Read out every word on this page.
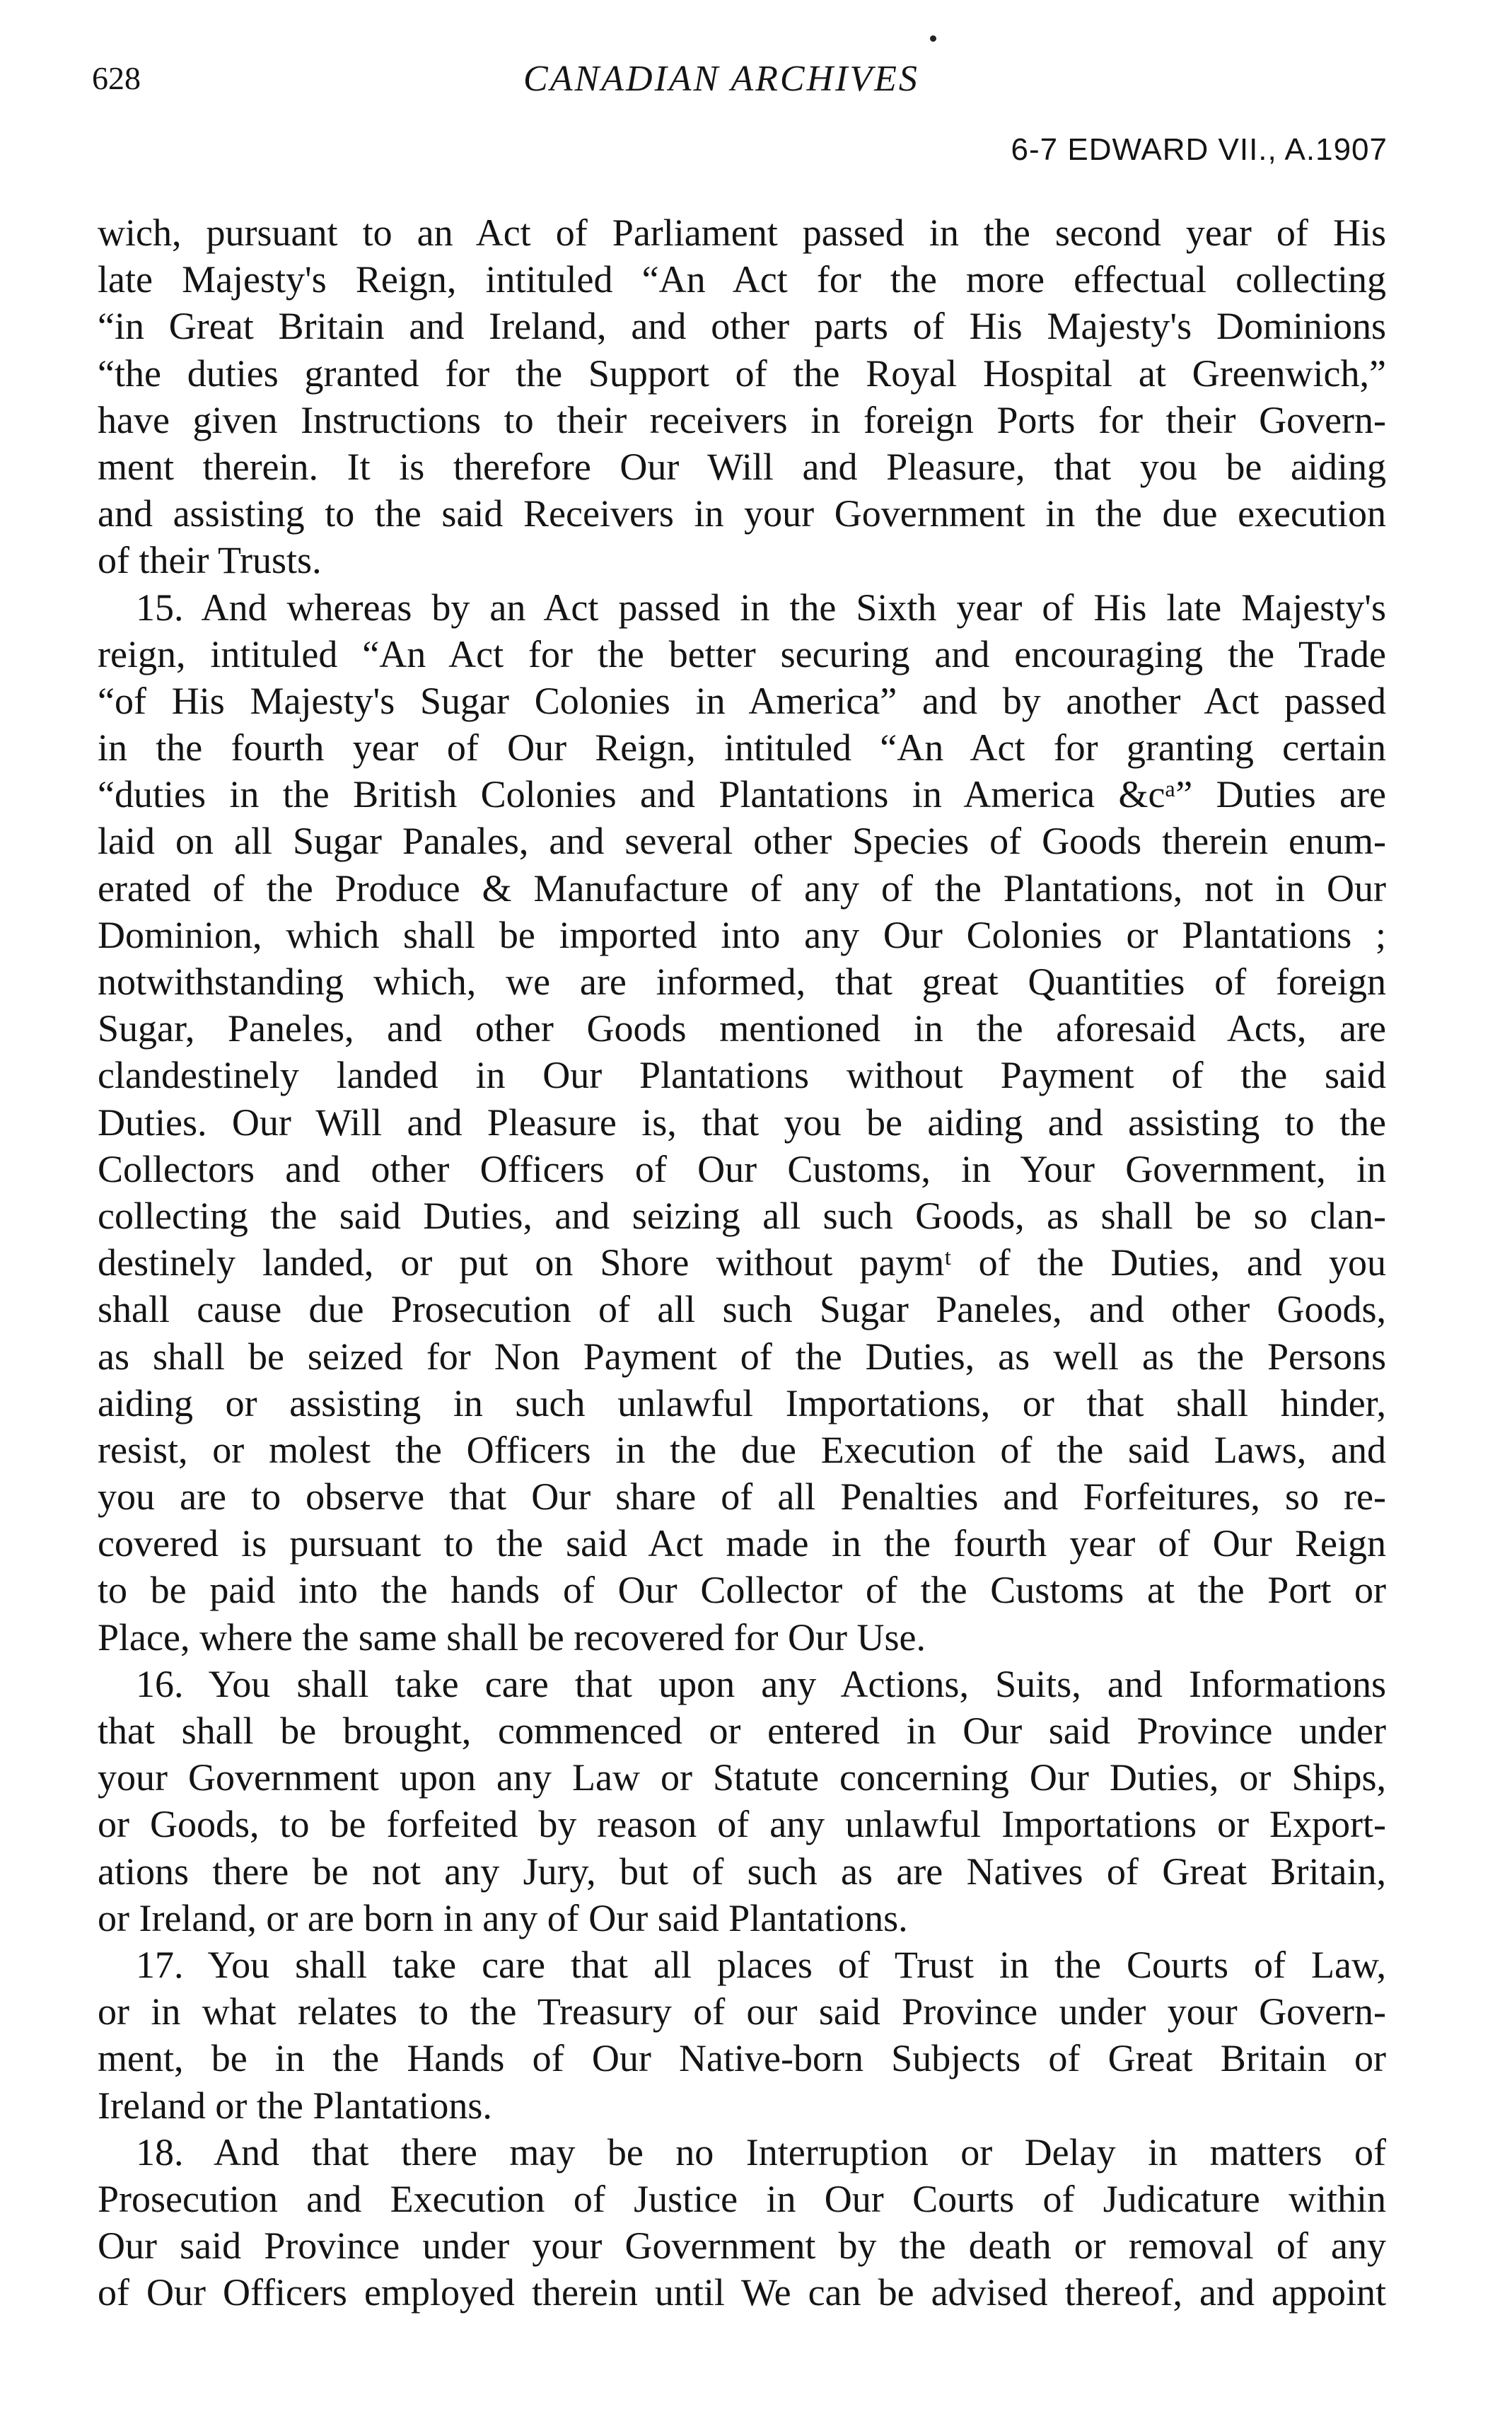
628	CANADIAN ARCHIVES
6-7 EDWARD VII., A.1907
wich, pursuant to an Act of Parliament passed in the second year of His
late Majesty's Reign, intituled “An Act for the more effectual collecting
“in Great Britain and Ireland, and other parts of His Majesty's Dominions
“the duties granted for the Support of the Royal Hospital at Greenwich,”
have given Instructions to their receivers in foreign Ports for their Govern-
ment therein. It is therefore Our Will and Pleasure, that you be aiding
and assisting to the said Receivers in your Government in the due execution
of their Trusts.
15. And whereas by an Act passed in the Sixth year of His late Majesty's
reign, intituled “An Act for the better securing and encouraging the Trade
“of His Majesty's Sugar Colonies in America” and by another Act passed
in the fourth year of Our Reign, intituled “An Act for granting certain
“duties in the British Colonies and Plantations in America &cᵃ” Duties are
laid on all Sugar Panales, and several other Species of Goods therein enum-
erated of the Produce & Manufacture of any of the Plantations, not in Our
Dominion, which shall be imported into any Our Colonies or Plantations ;
notwithstanding which, we are informed, that great Quantities of foreign
Sugar, Paneles, and other Goods mentioned in the aforesaid Acts, are
clandestinely landed in Our Plantations without Payment of the said
Duties. Our Will and Pleasure is, that you be aiding and assisting to the
Collectors and other Officers of Our Customs, in Your Government, in
collecting the said Duties, and seizing all such Goods, as shall be so clan-
destinely landed, or put on Shore without paymᵗ of the Duties, and you
shall cause due Prosecution of all such Sugar Paneles, and other Goods,
as shall be seized for Non Payment of the Duties, as well as the Persons
aiding or assisting in such unlawful Importations, or that shall hinder,
resist, or molest the Officers in the due Execution of the said Laws, and
you are to observe that Our share of all Penalties and Forfeitures, so re-
covered is pursuant to the said Act made in the fourth year of Our Reign
to be paid into the hands of Our Collector of the Customs at the Port or
Place, where the same shall be recovered for Our Use.
16. You shall take care that upon any Actions, Suits, and Informations
that shall be brought, commenced or entered in Our said Province under
your Government upon any Law or Statute concerning Our Duties, or Ships,
or Goods, to be forfeited by reason of any unlawful Importations or Export-
ations there be not any Jury, but of such as are Natives of Great Britain,
or Ireland, or are born in any of Our said Plantations.
17. You shall take care that all places of Trust in the Courts of Law,
or in what relates to the Treasury of our said Province under your Govern-
ment, be in the Hands of Our Native-born Subjects of Great Britain or
Ireland or the Plantations.
18. And that there may be no Interruption or Delay in matters of
Prosecution and Execution of Justice in Our Courts of Judicature within
Our said Province under your Government by the death or removal of any
of Our Officers employed therein until We can be advised thereof, and appoint
